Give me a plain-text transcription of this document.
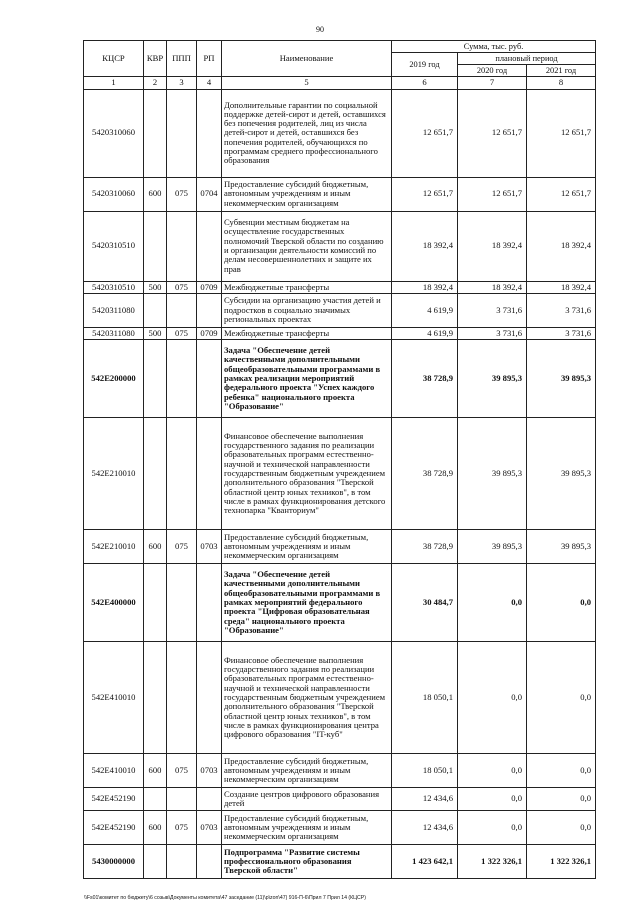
90
КЦСР	КВР	ППП	РП	Наименование	Сумма, тыс. руб.		
					2019 год	плановый период	
						2020 год	2021 год
1	2	3	4	5	6	7	8
5420310060				Дополнительные гарантии по социальной поддержке детей-сирот и детей, оставшихся без попечения родителей, лиц из числа детей-сирот и детей, оставшихся без попечения родителей, обучающихся по программам среднего профессионального образования	12 651,7	12 651,7	12 651,7
5420310060	600	075	0704	Предоставление субсидий бюджетным, автономным учреждениям и иным некоммерческим организациям	12 651,7	12 651,7	12 651,7
5420310510				Субвенции местным бюджетам на осуществление государственных полномочий Тверской области по созданию и организации деятельности комиссий по делам несовершеннолетних и защите их прав	18 392,4	18 392,4	18 392,4
5420310510	500	075	0709	Межбюджетные трансферты	18 392,4	18 392,4	18 392,4
5420311080				Субсидии на организацию участия детей и подростков в социально значимых региональных проектах	4 619,9	3 731,6	3 731,6
5420311080	500	075	0709	Межбюджетные трансферты	4 619,9	3 731,6	3 731,6
542E200000				Задача "Обеспечение детей качественными дополнительными общеобразовательными программами в рамках реализации мероприятий федерального проекта "Успех каждого ребенка" национального проекта "Образование"	38 728,9	39 895,3	39 895,3
542E210010				Финансовое обеспечение выполнения государственного задания по реализации образовательных программ естественно-научной и технической направленности государственным бюджетным учреждением дополнительного образования "Тверской областной центр юных техников", в том числе в рамках функционирования детского технопарка "Кванториум"	38 728,9	39 895,3	39 895,3
542E210010	600	075	0703	Предоставление субсидий бюджетным, автономным учреждениям и иным некоммерческим организациям	38 728,9	39 895,3	39 895,3
542E400000				Задача "Обеспечение детей качественными дополнительными общеобразовательными программами в рамках мероприятий федерального проекта "Цифровая образовательная среда" национального проекта "Образование"	30 484,7	0,0	0,0
542E410010				Финансовое обеспечение выполнения государственного задания по реализации образовательных программ естественно-научной и технической направленности государственным бюджетным учреждением дополнительного образования "Тверской областной центр юных техников", в том числе в рамках функционирования центра цифрового образования "IT-куб"	18 050,1	0,0	0,0
542E410010	600	075	0703	Предоставление субсидий бюджетным, автономным учреждениям и иным некоммерческим организациям	18 050,1	0,0	0,0
542E452190				Создание центров цифрового образования детей	12 434,6	0,0	0,0
542E452190	600	075	0703	Предоставление субсидий бюджетным, автономным учреждениям и иным некоммерческим организациям	12 434,6	0,0	0,0
5430000000				Подпрограмма "Развитие системы профессионального образования Тверской области"	1 423 642,1	1 322 326,1	1 322 326,1
\\Fs01\комитет по бюджету\6 созыв\Документы комитета\47 заседание (11)\p\zon\47) 916-П-6\Прил 7 Прил 14 (КЦСР)
